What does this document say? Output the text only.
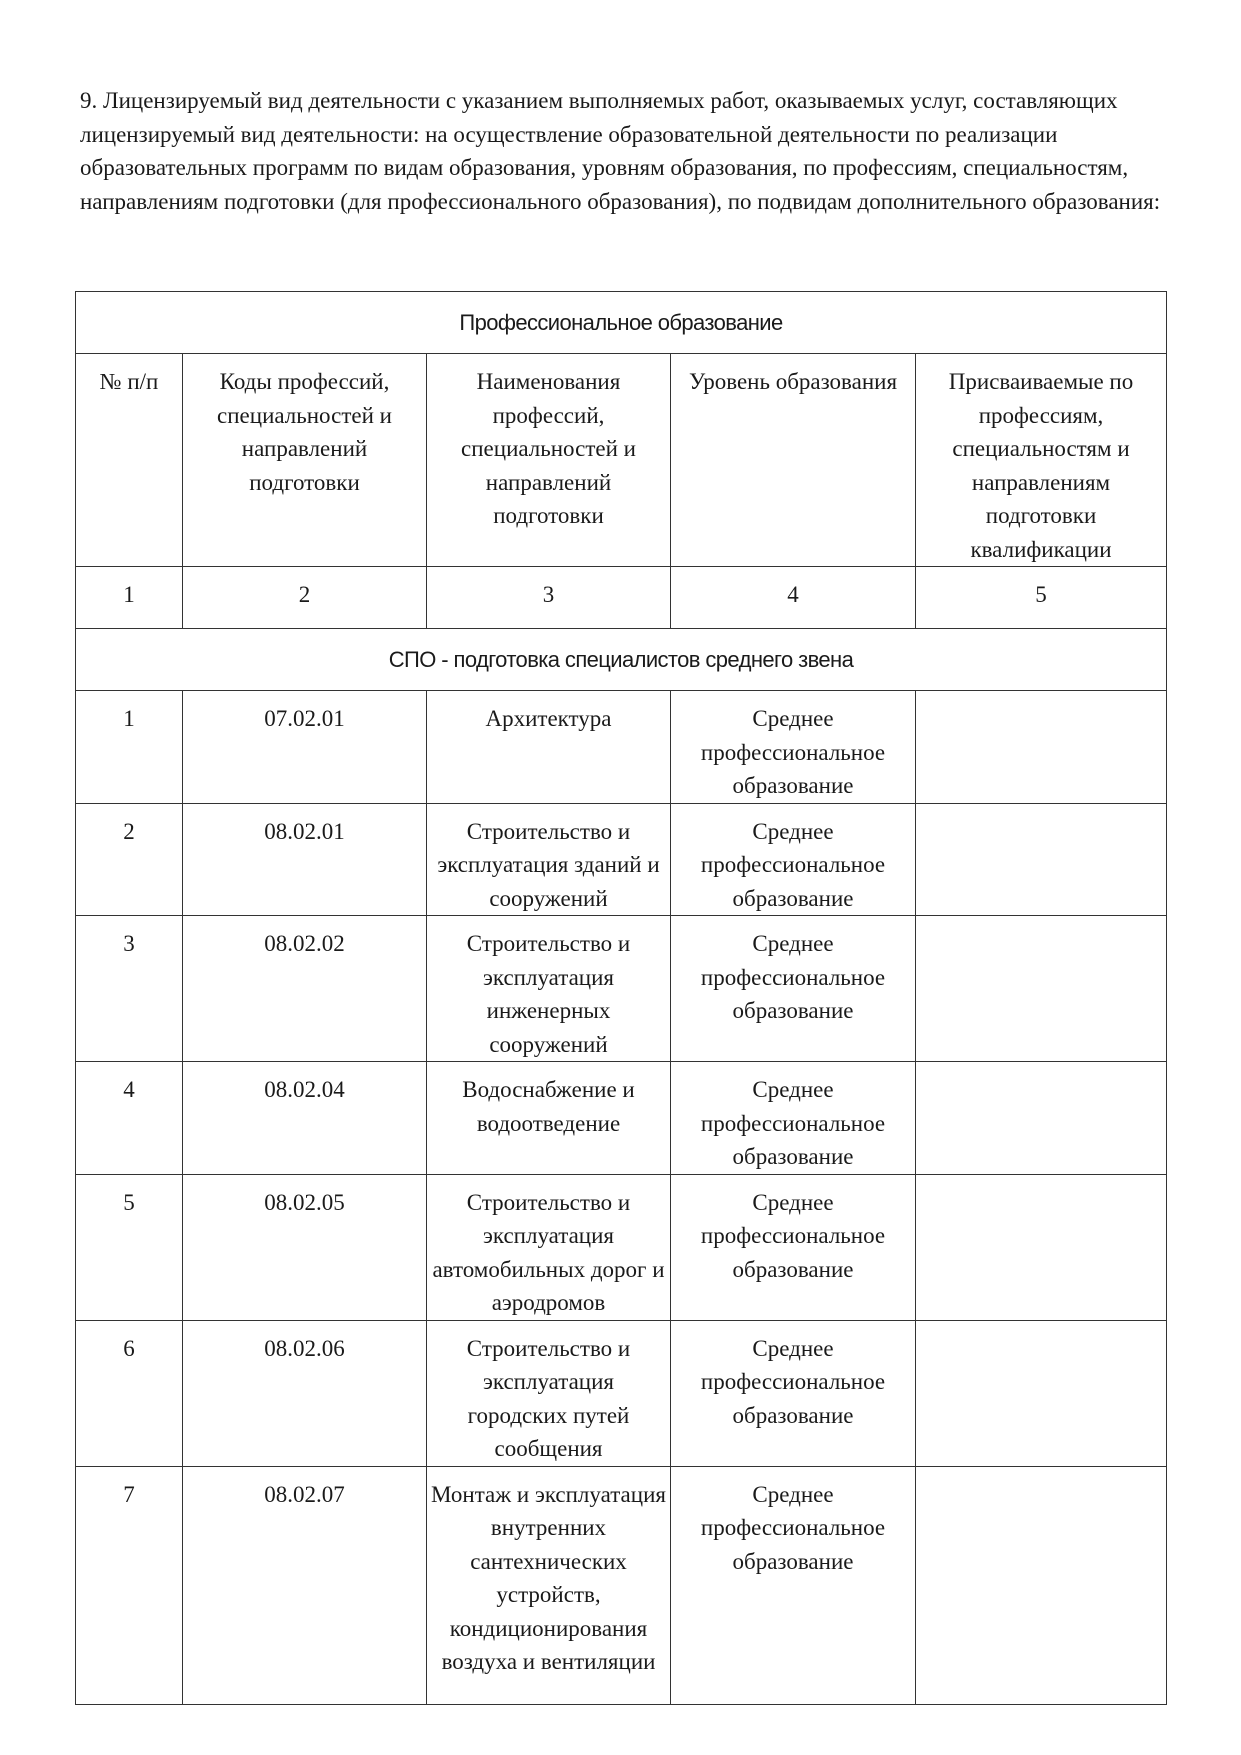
9. Лицензируемый вид деятельности с указанием выполняемых работ, оказываемых услуг, составляющих лицензируемый вид деятельности: на осуществление образовательной деятельности по реализации образовательных программ по видам образования, уровням образования, по профессиям, специальностям, направлениям подготовки (для профессионального образования), по подвидам дополнительного образования:

Профессиональное образование				
№ п/п	Коды профессий, специальностей и направлений подготовки	Наименования профессий, специальностей и направлений подготовки	Уровень образования	Присваиваемые по профессиям, специальностям и направлениям подготовки квалификации
1	2	3	4	5
СПО - подготовка специалистов среднего звена				
1	07.02.01	Архитектура	Среднее профессиональное образование	
2	08.02.01	Строительство и эксплуатация зданий и сооружений	Среднее профессиональное образование	
3	08.02.02	Строительство и эксплуатация инженерных сооружений	Среднее профессиональное образование	
4	08.02.04	Водоснабжение и водоотведение	Среднее профессиональное образование	
5	08.02.05	Строительство и эксплуатация автомобильных дорог и аэродромов	Среднее профессиональное образование	
6	08.02.06	Строительство и эксплуатация городских путей сообщения	Среднее профессиональное образование	
7	08.02.07	Монтаж и эксплуатация внутренних сантехнических устройств, кондиционирования воздуха и вентиляции	Среднее профессиональное образование	
